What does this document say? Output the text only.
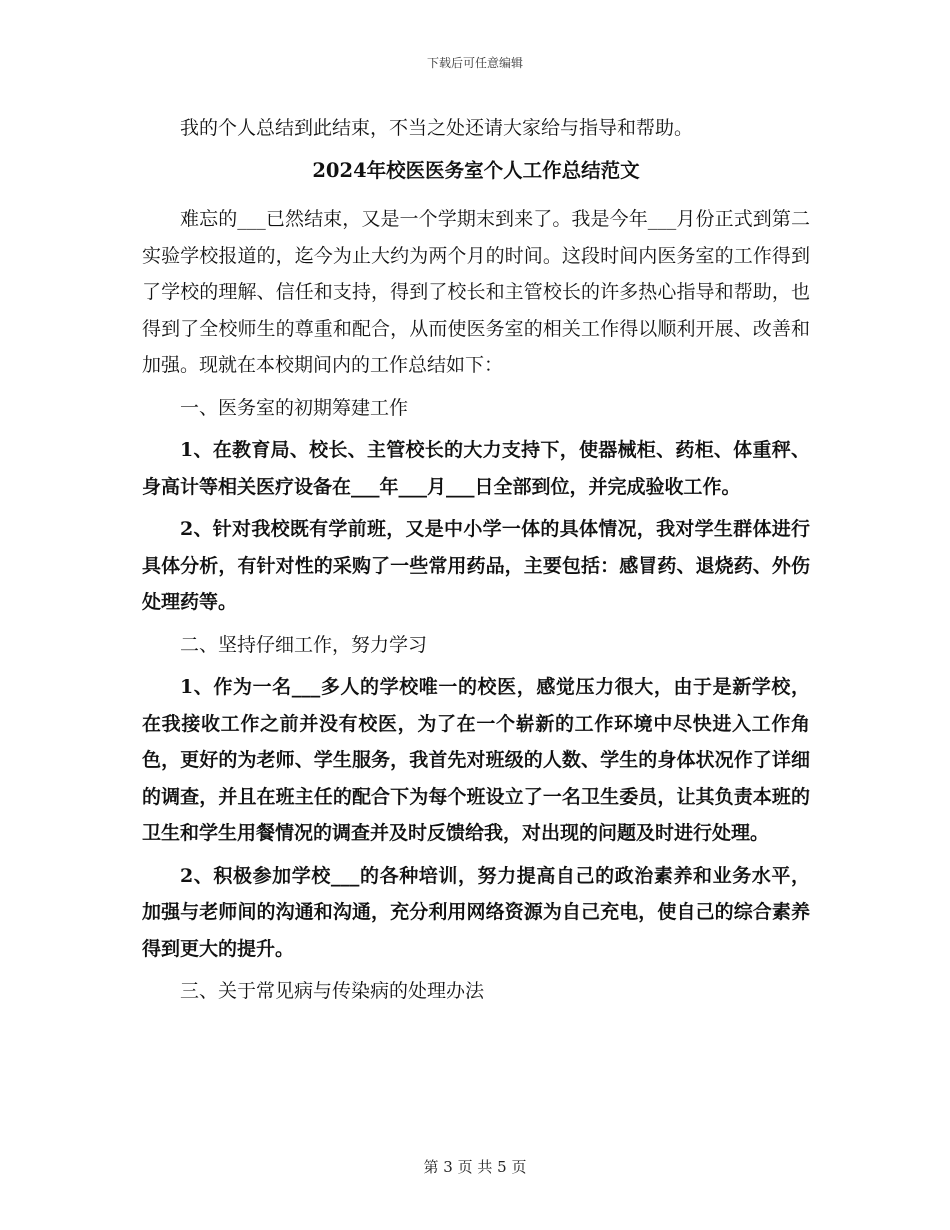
下载后可任意编辑

我的个人总结到此结束，不当之处还请大家给与指导和帮助。

2024年校医医务室个人工作总结范文

难忘的___已然结束，又是一个学期末到来了。我是今年___月份正式到第二实验学校报道的，迄今为止大约为两个月的时间。这段时间内医务室的工作得到了学校的理解、信任和支持，得到了校长和主管校长的许多热心指导和帮助，也得到了全校师生的尊重和配合，从而使医务室的相关工作得以顺利开展、改善和加强。现就在本校期间内的工作总结如下：

一、医务室的初期筹建工作

1、在教育局、校长、主管校长的大力支持下，使器械柜、药柜、体重秤、身高计等相关医疗设备在___年___月___日全部到位，并完成验收工作。

2、针对我校既有学前班，又是中小学一体的具体情况，我对学生群体进行具体分析，有针对性的采购了一些常用药品，主要包括：感冒药、退烧药、外伤处理药等。

二、坚持仔细工作，努力学习

1、作为一名___多人的学校唯一的校医，感觉压力很大，由于是新学校，在我接收工作之前并没有校医，为了在一个崭新的工作环境中尽快进入工作角色，更好的为老师、学生服务，我首先对班级的人数、学生的身体状况作了详细的调查，并且在班主任的配合下为每个班设立了一名卫生委员，让其负责本班的卫生和学生用餐情况的调查并及时反馈给我，对出现的问题及时进行处理。

2、积极参加学校___的各种培训，努力提高自己的政治素养和业务水平，加强与老师间的沟通和沟通，充分利用网络资源为自己充电，使自己的综合素养得到更大的提升。

三、关于常见病与传染病的处理办法

第 3 页 共 5 页
